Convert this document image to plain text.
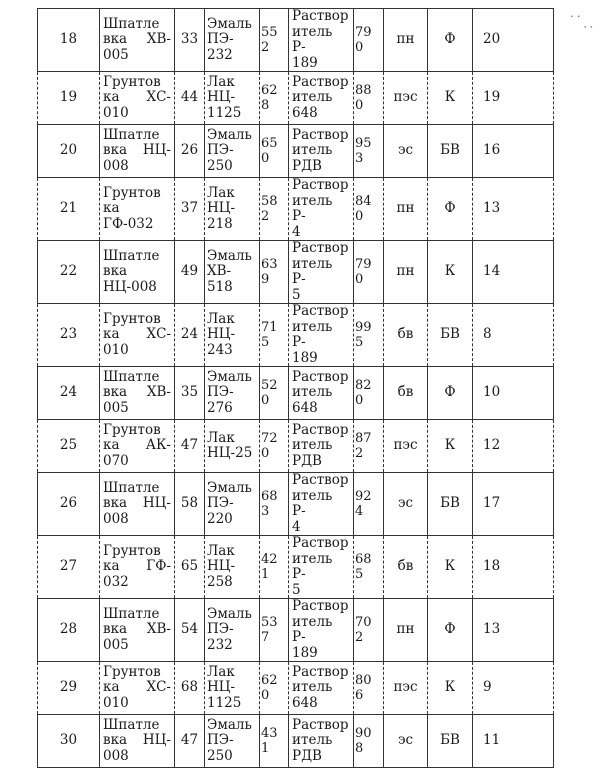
· ·
‵ ‵
18	Шпатле
вка ХВ-
005	33	Эмаль
ПЭ-
232	55
2	Раствор
итель Р-
189	79
0	пн	Ф	20
19	Грунтов
ка ХС-
010	44	Лак
НЦ-
1125	62
8	Раствор
итель
648	88
0	пэс	К	19
20	Шпатле
вка НЦ-
008	26	Эмаль
ПЭ-
250	65
0	Раствор
итель
РДВ	95
3	эс	БВ	16
21	Грунтов
ка
ГФ-032	37	Лак
НЦ-
218	58
2	Раствор
итель Р-
4	84
0	пн	Ф	13
22	Шпатле
вка
НЦ-008	49	Эмаль
ХВ-
518	63
9	Раствор
итель Р-
5	79
0	пн	К	14
23	Грунтов
ка ХС-
010	24	Лак
НЦ-
243	71
5	Раствор
итель Р-
189	99
5	бв	БВ	8
24	Шпатле
вка ХВ-
005	35	Эмаль
ПЭ-
276	52
0	Раствор
итель
648	82
0	бв	Ф	10
25	Грунтов
ка АК-
070	47	Лак
НЦ-25	72
0	Раствор
итель
РДВ	87
2	пэс	К	12
26	Шпатле
вка НЦ-
008	58	Эмаль
ПЭ-
220	68
3	Раствор
итель Р-
4	92
4	эс	БВ	17
27	Грунтов
ка ГФ-
032	65	Лак
НЦ-
258	42
1	Раствор
итель Р-
5	68
5	бв	К	18
28	Шпатле
вка ХВ-
005	54	Эмаль
ПЭ-
232	53
7	Раствор
итель Р-
189	70
2	пн	Ф	13
29	Грунтов
ка ХС-
010	68	Лак
НЦ-
1125	62
0	Раствор
итель
648	80
6	пэс	К	9
30	Шпатле
вка НЦ-
008	47	Эмаль
ПЭ-
250	43
1	Раствор
итель
РДВ	90
8	эс	БВ	11
